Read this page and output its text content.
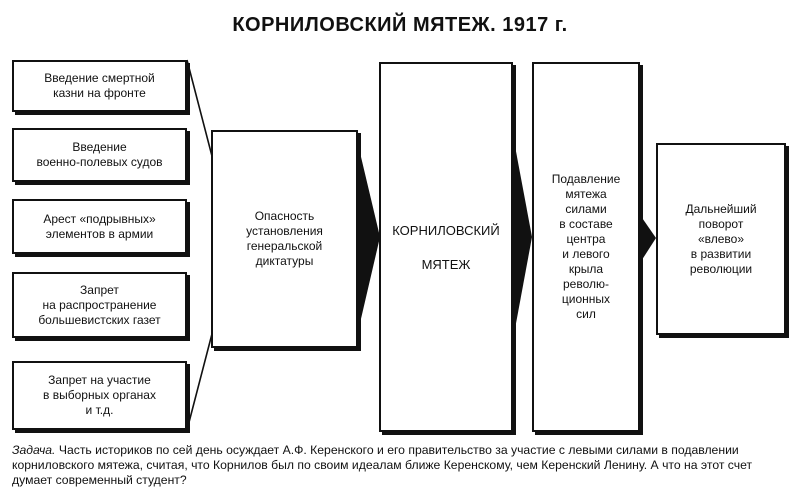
КОРНИЛОВСКИЙ МЯТЕЖ. 1917 г.
Введение смертной
казни на фронте
Введение
военно-полевых судов
Арест «подрывных»
элементов в армии
Запрет
на распространение
большевистских газет
Запрет на участие
в выборных органах
и т.д.
Опасность
установления
генеральской
диктатуры
КОРНИЛОВСКИЙ

МЯТЕЖ
Подавление
мятежа
силами
в составе
центра
и левого
крыла
револю-
ционных
сил
Дальнейший
поворот
«влево»
в развитии
революции
Задача. Часть историков по сей день осуждает А.Ф. Керенского и его правительство за участие с левыми силами в подавлении корниловского мятежа, считая, что Корнилов был по своим идеалам ближе Керенскому, чем Керенский Ленину. А что на этот счет думает современный студент?
